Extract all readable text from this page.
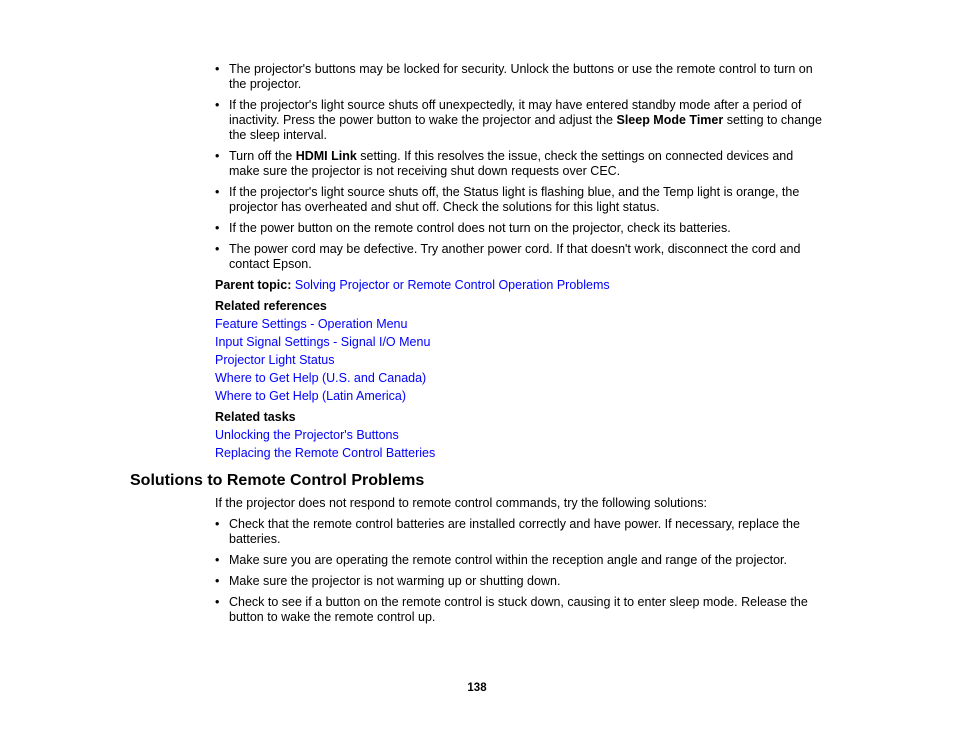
• The projector's buttons may be locked for security. Unlock the buttons or use the remote control to turn on the projector.
• If the projector's light source shuts off unexpectedly, it may have entered standby mode after a period of inactivity. Press the power button to wake the projector and adjust the Sleep Mode Timer setting to change the sleep interval.
• Turn off the HDMI Link setting. If this resolves the issue, check the settings on connected devices and make sure the projector is not receiving shut down requests over CEC.
• If the projector's light source shuts off, the Status light is flashing blue, and the Temp light is orange, the projector has overheated and shut off. Check the solutions for this light status.
• If the power button on the remote control does not turn on the projector, check its batteries.
• The power cord may be defective. Try another power cord. If that doesn't work, disconnect the cord and contact Epson.
Parent topic: Solving Projector or Remote Control Operation Problems
Related references
Feature Settings - Operation Menu
Input Signal Settings - Signal I/O Menu
Projector Light Status
Where to Get Help (U.S. and Canada)
Where to Get Help (Latin America)
Related tasks
Unlocking the Projector's Buttons
Replacing the Remote Control Batteries
Solutions to Remote Control Problems
If the projector does not respond to remote control commands, try the following solutions:
• Check that the remote control batteries are installed correctly and have power. If necessary, replace the batteries.
• Make sure you are operating the remote control within the reception angle and range of the projector.
• Make sure the projector is not warming up or shutting down.
• Check to see if a button on the remote control is stuck down, causing it to enter sleep mode. Release the button to wake the remote control up.
138
